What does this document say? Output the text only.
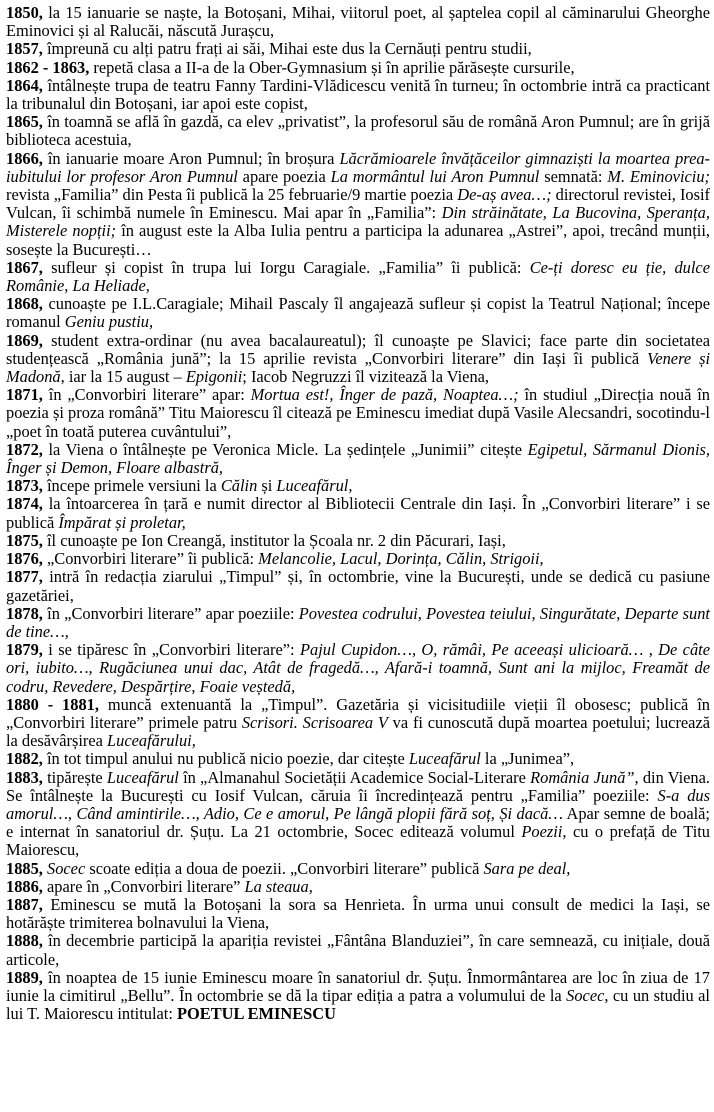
1850, la 15 ianuarie se naște, la Botoșani, Mihai, viitorul poet, al șaptelea copil al căminarului Gheorghe Eminovici și al Ralucăi, născută Jurașcu,

1857, împreună cu alți patru frați ai săi, Mihai este dus la Cernăuți pentru studii,

1862 - 1863, repetă clasa a II-a de la Ober-Gymnasium și în aprilie părăsește cursurile,

1864, întâlnește trupa de teatru Fanny Tardini-Vlădicescu venită în turneu; în octombrie intră ca practicant la tribunalul din Botoșani, iar apoi este copist,

1865, în toamnă se află în gazdă, ca elev „privatist”, la profesorul său de română Aron Pumnul; are în grijă biblioteca acestuia,

1866, în ianuarie moare Aron Pumnul; în broșura Lăcrămioarele învățăceilor gimnaziști la moartea prea-iubitului lor profesor Aron Pumnul apare poezia La mormântul lui Aron Pumnul semnată: M. Eminoviciu; revista „Familia” din Pesta îi publică la 25 februarie/9 martie poezia De-aș avea…; directorul revistei, Iosif Vulcan, îi schimbă numele în Eminescu. Mai apar în „Familia”: Din străinătate, La Bucovina, Speranța, Misterele nopții; în august este la Alba Iulia pentru a participa la adunarea „Astrei”, apoi, trecând munții, sosește la București…

1867, sufleur și copist în trupa lui Iorgu Caragiale. „Familia” îi publică: Ce-ți doresc eu ție, dulce Românie, La Heliade,

1868, cunoaște pe I.L.Caragiale; Mihail Pascaly îl angajează sufleur și copist la Teatrul Național; începe romanul Geniu pustiu,

1869, student extra-ordinar (nu avea bacalaureatul); îl cunoaște pe Slavici; face parte din societatea studențească „România jună”; la 15 aprilie revista „Convorbiri literare” din Iași îi publică Venere și Madonă, iar la 15 august – Epigonii; Iacob Negruzzi îl vizitează la Viena,

1871, în „Convorbiri literare” apar: Mortua est!, Înger de pază, Noaptea…; în studiul „Direcția nouă în poezia și proza română” Titu Maiorescu îl citează pe Eminescu imediat după Vasile Alecsandri, socotindu-l „poet în toată puterea cuvântului”,

1872, la Viena o întâlnește pe Veronica Micle. La ședințele „Junimii” citește Egipetul, Sărmanul Dionis, Înger și Demon, Floare albastră,

1873, începe primele versiuni la Călin și Luceafărul,

1874, la întoarcerea în țară e numit director al Bibliotecii Centrale din Iași. În „Convorbiri literare” i se publică Împărat și proletar,

1875, îl cunoaște pe Ion Creangă, institutor la Școala nr. 2 din Păcurari, Iași,

1876, „Convorbiri literare” îi publică: Melancolie, Lacul, Dorința, Călin, Strigoii,

1877, intră în redacția ziarului „Timpul” și, în octombrie, vine la București, unde se dedică cu pasiune gazetăriei,

1878, în „Convorbiri literare” apar poeziile: Povestea codrului, Povestea teiului, Singurătate, Departe sunt de tine…,

1879, i se tipăresc în „Convorbiri literare”: Pajul Cupidon…, O, rămâi, Pe aceeași ulicioară… , De câte ori, iubito…, Rugăciunea unui dac, Atât de fragedă…, Afară-i toamnă, Sunt ani la mijloc, Freamăt de codru, Revedere, Despărțire, Foaie veștedă,

1880 - 1881, muncă extenuantă la „Timpul”. Gazetăria și vicisitudiile vieții îl obosesc; publică în „Convorbiri literare” primele patru Scrisori. Scrisoarea V va fi cunoscută după moartea poetului; lucrează la desăvârșirea Luceafărului,

1882, în tot timpul anului nu publică nicio poezie, dar citește Luceafărul la „Junimea”,

1883, tipărește Luceafărul în „Almanahul Societății Academice Social-Literare România Jună”, din Viena. Se întâlnește la București cu Iosif Vulcan, căruia îi încredințează pentru „Familia” poeziile: S-a dus amorul…, Când amintirile…, Adio, Ce e amorul, Pe lângă plopii fără soț, Și dacă… Apar semne de boală; e internat în sanatoriul dr. Șuțu. La 21 octombrie, Socec editează volumul Poezii, cu o prefață de Titu Maiorescu,

1885, Socec scoate ediția a doua de poezii. „Convorbiri literare” publică Sara pe deal,

1886, apare în „Convorbiri literare” La steaua,

1887, Eminescu se mută la Botoșani la sora sa Henrieta. În urma unui consult de medici la Iași, se hotărăște trimiterea bolnavului la Viena,

1888, în decembrie participă la apariția revistei „Fântâna Blanduziei”, în care semnează, cu inițiale, două articole,

1889, în noaptea de 15 iunie Eminescu moare în sanatoriul dr. Șuțu. Înmormântarea are loc în ziua de 17 iunie la cimitirul „Bellu”. În octombrie se dă la tipar ediția a patra a volumului de la Socec, cu un studiu al lui T. Maiorescu intitulat: POETUL EMINESCU
